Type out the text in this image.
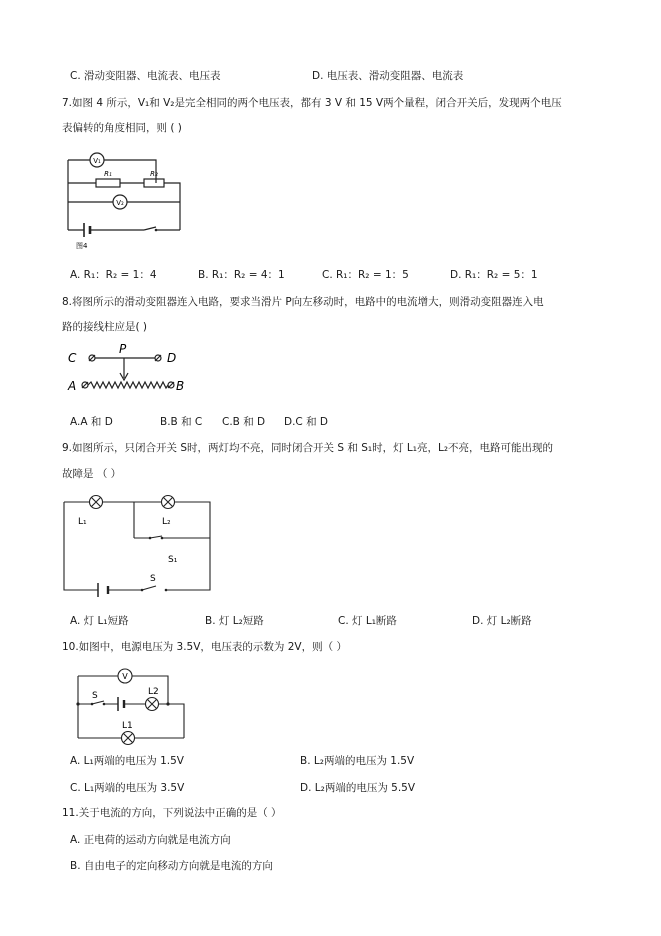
C. 滑动变阻器、电流表、电压表	D. 电压表、滑动变阻器、电流表
7.如图 4 所示，V₁和 V₂是完全相同的两个电压表，都有 3 V 和 15 V两个量程，闭合开关后，发现两个电压
表偏转的角度相同，则 ( )
V₁
V₂
R₁	R₂
图4
A. R₁：R₂ = 1：4	B. R₁：R₂ = 4：1	C. R₁：R₂ = 1：5	D. R₁：R₂ = 5：1
8.将图所示的滑动变阻器连入电路，要求当滑片 P向左移动时，电路中的电流增大，则滑动变阻器连入电
路的接线柱应是( )
C
P
D
A	B
A.A 和 D	B.B 和 C C.B 和 D D.C 和 D
9.如图所示，只闭合开关 S时，两灯均不亮，同时闭合开关 S 和 S₁时，灯 L₁亮，L₂不亮，电路可能出现的
故障是 （ ）
L₁	L₂
S₁
S
A. 灯 L₁短路	B. 灯 L₂短路	C. 灯 L₁断路	D. 灯 L₂断路
10.如图中，电源电压为 3.5V，电压表的示数为 2V，则（ ）
V
S	L2
L1
A. L₁两端的电压为 1.5V	B. L₂两端的电压为 1.5V
C. L₁两端的电压为 3.5V	D. L₂两端的电压为 5.5V
11.关于电流的方向，下列说法中正确的是（ ）
A. 正电荷的运动方向就是电流方向
B. 自由电子的定向移动方向就是电流的方向
